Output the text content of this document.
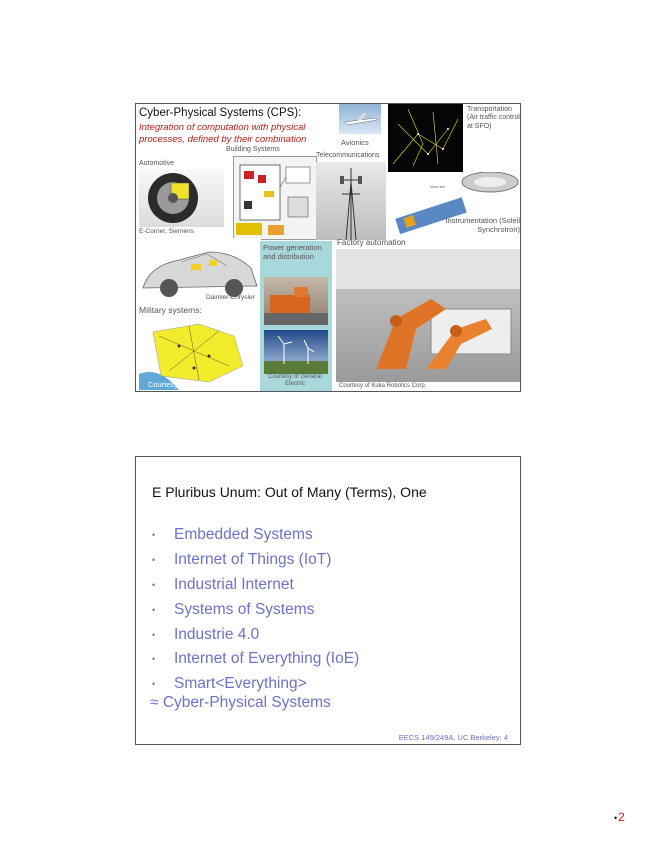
Cyber-Physical Systems (CPS):
Integration of computation with physical processes, defined by their combination	Avionics
Transportation (Air traffic control at SFO)
Building Systems
Telecommunications
beam line
Instrumentation (Soleil Synchrotron)
Automotive
E-Corner, Siemens
Daimler-Chrysler
Military systems:
Courtesy of Doug Schmidt
Power generation and distribution
Courtesy of General Electric
Factory automation
Courtesy of Kuka Robotics Corp.
E Pluribus Unum: Out of Many (Terms), One
•	Embedded Systems
•	Internet of Things (IoT)
•	Industrial Internet
•	Systems of Systems
•	Industrie 4.0
•	Internet of Everything (IoE)
•	Smart<Everything>
≈ Cyber-Physical Systems
EECS 149/249A, UC Berkeley: 4
•2
